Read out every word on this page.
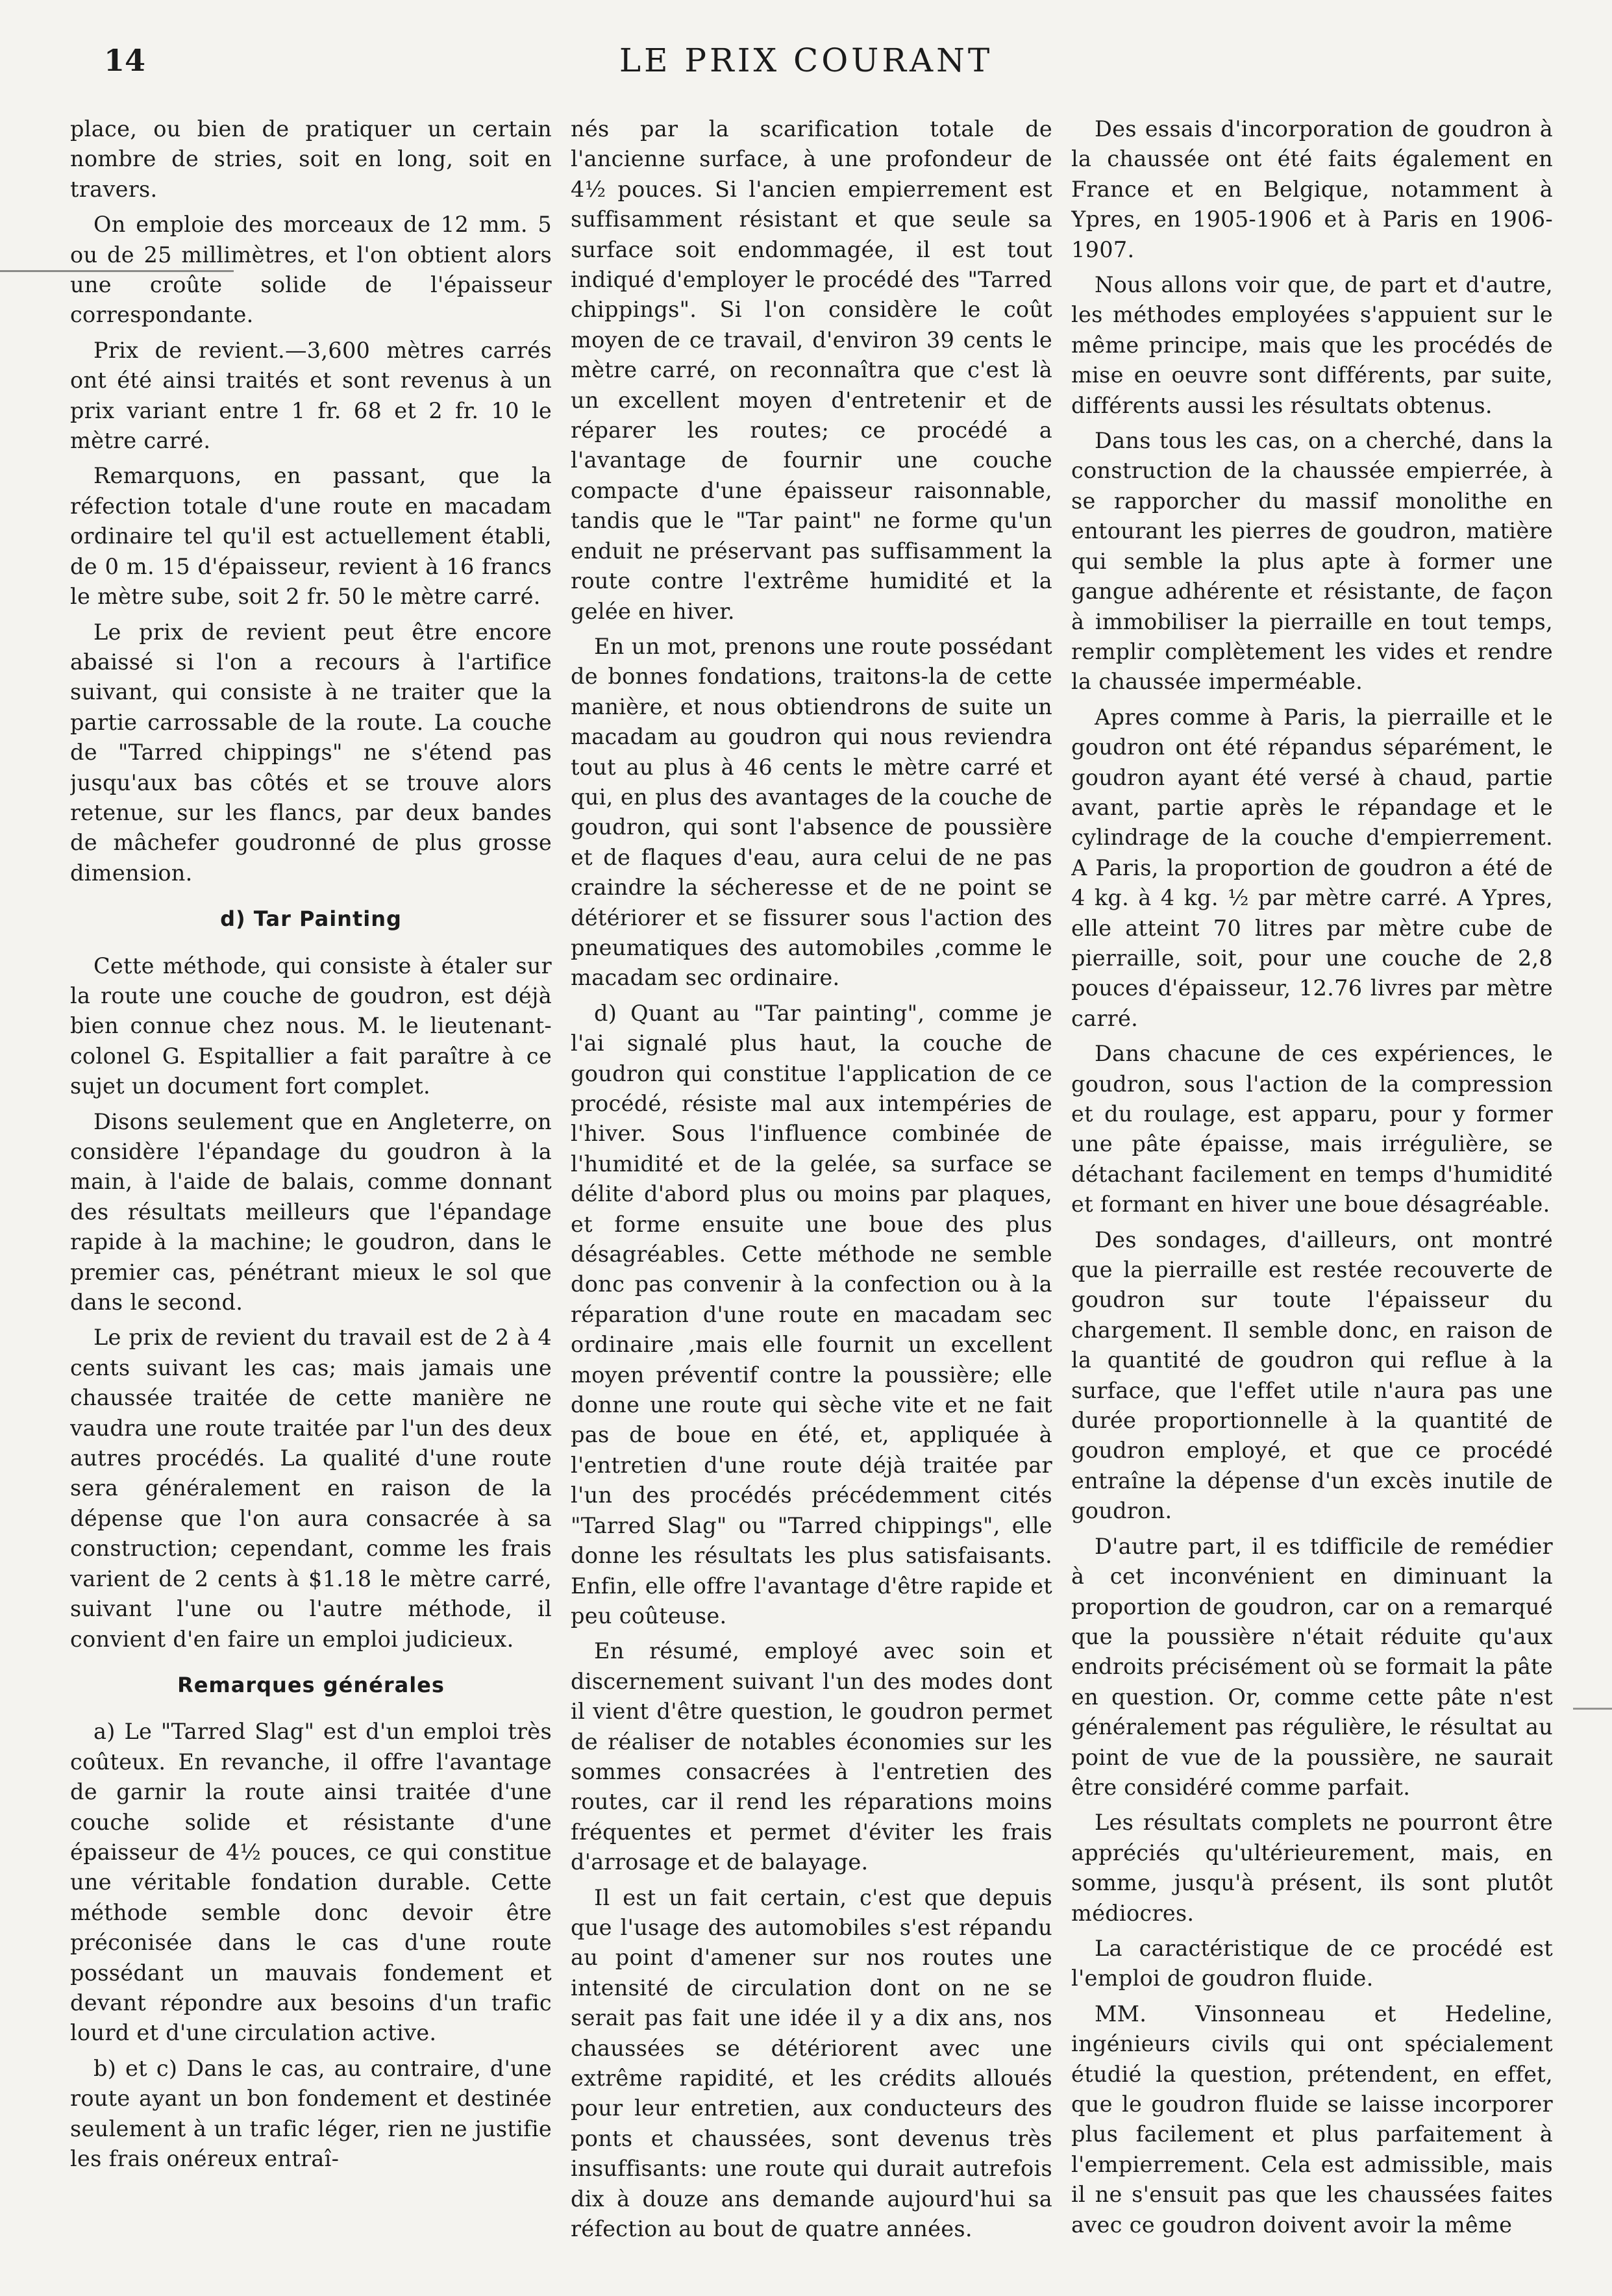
14	LE PRIX COURANT

place, ou bien de pratiquer un certain nombre de stries, soit en long, soit en travers.

On emploie des morceaux de 12 mm. 5 ou de 25 millimètres, et l'on obtient alors une croûte solide de l'épaisseur correspondante.

Prix de revient.—3,600 mètres carrés ont été ainsi traités et sont revenus à un prix variant entre 1 fr. 68 et 2 fr. 10 le mètre carré.

Remarquons, en passant, que la réfection totale d'une route en macadam ordinaire tel qu'il est actuellement établi, de 0 m. 15 d'épaisseur, revient à 16 francs le mètre sube, soit 2 fr. 50 le mètre carré.

Le prix de revient peut être encore abaissé si l'on a recours à l'artifice suivant, qui consiste à ne traiter que la partie carrossable de la route. La couche de "Tarred chippings" ne s'étend pas jusqu'aux bas côtés et se trouve alors retenue, sur les flancs, par deux bandes de mâchefer goudronné de plus grosse dimension.

d) Tar Painting

Cette méthode, qui consiste à étaler sur la route une couche de goudron, est déjà bien connue chez nous. M. le lieutenant-colonel G. Espitallier a fait paraître à ce sujet un document fort complet.

Disons seulement que en Angleterre, on considère l'épandage du goudron à la main, à l'aide de balais, comme donnant des résultats meilleurs que l'épandage rapide à la machine; le goudron, dans le premier cas, pénétrant mieux le sol que dans le second.

Le prix de revient du travail est de 2 à 4 cents suivant les cas; mais jamais une chaussée traitée de cette manière ne vaudra une route traitée par l'un des deux autres procédés. La qualité d'une route sera généralement en raison de la dépense que l'on aura consacrée à sa construction; cependant, comme les frais varient de 2 cents à $1.18 le mètre carré, suivant l'une ou l'autre méthode, il convient d'en faire un emploi judicieux.

Remarques générales

a) Le "Tarred Slag" est d'un emploi très coûteux. En revanche, il offre l'avantage de garnir la route ainsi traitée d'une couche solide et résistante d'une épaisseur de 4½ pouces, ce qui constitue une véritable fondation durable. Cette méthode semble donc devoir être préconisée dans le cas d'une route possédant un mauvais fondement et devant répondre aux besoins d'un trafic lourd et d'une circulation active.

b) et c) Dans le cas, au contraire, d'une route ayant un bon fondement et destinée seulement à un trafic léger, rien ne justifie les frais onéreux entraî-

nés par la scarification totale de l'ancienne surface, à une profondeur de 4½ pouces. Si l'ancien empierrement est suffisamment résistant et que seule sa surface soit endommagée, il est tout indiqué d'employer le procédé des "Tarred chippings". Si l'on considère le coût moyen de ce travail, d'environ 39 cents le mètre carré, on reconnaîtra que c'est là un excellent moyen d'entretenir et de réparer les routes; ce procédé a l'avantage de fournir une couche compacte d'une épaisseur raisonnable, tandis que le "Tar paint" ne forme qu'un enduit ne préservant pas suffisamment la route contre l'extrême humidité et la gelée en hiver.

En un mot, prenons une route possédant de bonnes fondations, traitons-la de cette manière, et nous obtiendrons de suite un macadam au goudron qui nous reviendra tout au plus à 46 cents le mètre carré et qui, en plus des avantages de la couche de goudron, qui sont l'absence de poussière et de flaques d'eau, aura celui de ne pas craindre la sécheresse et de ne point se détériorer et se fissurer sous l'action des pneumatiques des automobiles ,comme le macadam sec ordinaire.

d) Quant au "Tar painting", comme je l'ai signalé plus haut, la couche de goudron qui constitue l'application de ce procédé, résiste mal aux intempéries de l'hiver. Sous l'influence combinée de l'humidité et de la gelée, sa surface se délite d'abord plus ou moins par plaques, et forme ensuite une boue des plus désagréables. Cette méthode ne semble donc pas convenir à la confection ou à la réparation d'une route en macadam sec ordinaire ,mais elle fournit un excellent moyen préventif contre la poussière; elle donne une route qui sèche vite et ne fait pas de boue en été, et, appliquée à l'entretien d'une route déjà traitée par l'un des procédés précédemment cités "Tarred Slag" ou "Tarred chippings", elle donne les résultats les plus satisfaisants. Enfin, elle offre l'avantage d'être rapide et peu coûteuse.

En résumé, employé avec soin et discernement suivant l'un des modes dont il vient d'être question, le goudron permet de réaliser de notables économies sur les sommes consacrées à l'entretien des routes, car il rend les réparations moins fréquentes et permet d'éviter les frais d'arrosage et de balayage.

Il est un fait certain, c'est que depuis que l'usage des automobiles s'est répandu au point d'amener sur nos routes une intensité de circulation dont on ne se serait pas fait une idée il y a dix ans, nos chaussées se détériorent avec une extrême rapidité, et les crédits alloués pour leur entretien, aux conducteurs des ponts et chaussées, sont devenus très insuffisants: une route qui durait autrefois dix à douze ans demande aujourd'hui sa réfection au bout de quatre années.

Des essais d'incorporation de goudron à la chaussée ont été faits également en France et en Belgique, notamment à Ypres, en 1905-1906 et à Paris en 1906-1907.

Nous allons voir que, de part et d'autre, les méthodes employées s'appuient sur le même principe, mais que les procédés de mise en oeuvre sont différents, par suite, différents aussi les résultats obtenus.

Dans tous les cas, on a cherché, dans la construction de la chaussée empierrée, à se rapporcher du massif monolithe en entourant les pierres de goudron, matière qui semble la plus apte à former une gangue adhérente et résistante, de façon à immobiliser la pierraille en tout temps, remplir complètement les vides et rendre la chaussée imperméable.

Apres comme à Paris, la pierraille et le goudron ont été répandus séparément, le goudron ayant été versé à chaud, partie avant, partie après le répandage et le cylindrage de la couche d'empierrement. A Paris, la proportion de goudron a été de 4 kg. à 4 kg. ½ par mètre carré. A Ypres, elle atteint 70 litres par mètre cube de pierraille, soit, pour une couche de 2,8 pouces d'épaisseur, 12.76 livres par mètre carré.

Dans chacune de ces expériences, le goudron, sous l'action de la compression et du roulage, est apparu, pour y former une pâte épaisse, mais irrégulière, se détachant facilement en temps d'humidité et formant en hiver une boue désagréable.

Des sondages, d'ailleurs, ont montré que la pierraille est restée recouverte de goudron sur toute l'épaisseur du chargement. Il semble donc, en raison de la quantité de goudron qui reflue à la surface, que l'effet utile n'aura pas une durée proportionnelle à la quantité de goudron employé, et que ce procédé entraîne la dépense d'un excès inutile de goudron.

D'autre part, il es tdifficile de remédier à cet inconvénient en diminuant la proportion de goudron, car on a remarqué que la poussière n'était réduite qu'aux endroits précisément où se formait la pâte en question. Or, comme cette pâte n'est généralement pas régulière, le résultat au point de vue de la poussière, ne saurait être considéré comme parfait.

Les résultats complets ne pourront être appréciés qu'ultérieurement, mais, en somme, jusqu'à présent, ils sont plutôt médiocres.

La caractéristique de ce procédé est l'emploi de goudron fluide.

MM. Vinsonneau et Hedeline, ingénieurs civils qui ont spécialement étudié la question, prétendent, en effet, que le goudron fluide se laisse incorporer plus facilement et plus parfaitement à l'empierrement. Cela est admissible, mais il ne s'ensuit pas que les chaussées faites avec ce goudron doivent avoir la même
